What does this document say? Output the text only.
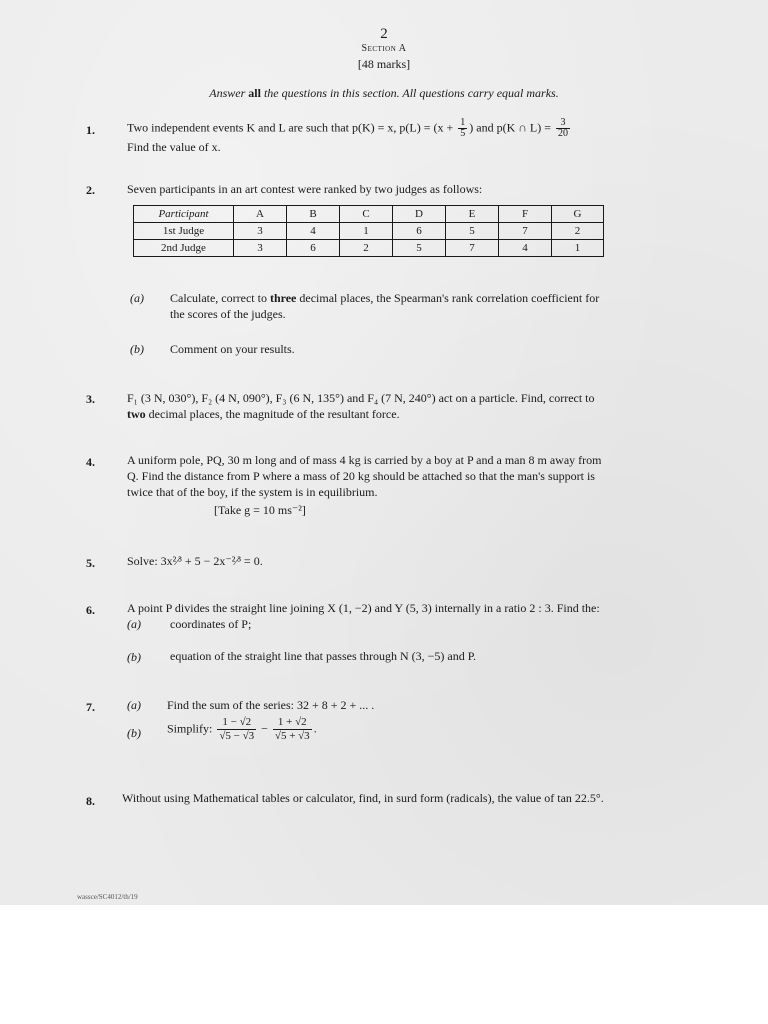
2
Section A
[48 marks]
Answer all the questions in this section. All questions carry equal marks.
1.	Two independent events K and L are such that p(K) = x, $p(L) = (x + \frac{1}{5}$ ) and p(K ∩ $L) = \frac{3}{20}$

Find the value of x.
2.	Seven participants in an art contest were ranked by two judges as follows:
Participant	A	B	C	D	E	F	G
1st Judge	3	4	1	6	5	7	2
2nd Judge	3	6	2	5	7	4	1
(a) Calculate, correct to three decimal places, the Spearman's rank correlation coefficient for
the scores of the judges.
(b) Comment on your results.
3.	F₁ (3 N, 030°), F₂ (4 N, 090°), F₃ (6 N, 135°) and F₄ (7 N, 240°) act on a particle. Find, correct to
two decimal places, the magnitude of the resultant force.
4.	A uniform pole, PQ, 30 m long and of mass 4 kg is carried by a boy at P and a man 8 m away from
Q. Find the distance from P where a mass of 20 kg should be attached so that the man's support is
twice that of the boy, if the system is in equilibrium.
[Take g = 10 ms⁻²]
5.	Solve: 3x²⁄³ + 5 − 2x⁻²⁄³ = 0.
6.	A point P divides the straight line joining X (1, −2) and Y (5, 3) internally in a ratio 2 : 3. Find the:
(a) coordinates of P;
(b) equation of the straight line that passes through N (3, −5) and P.
7.	(a) Find the sum of the series: 32 + 8 + 2 + ... .
(b) Simplify: $\frac{1 - √2}{√5 - √3} - \frac{1 + √2}{√5 + √3}$ .
8. Without using Mathematical tables or calculator, find, in surd form (radicals), the value of tan 22.5°.
wassce/SC4012/th/19
